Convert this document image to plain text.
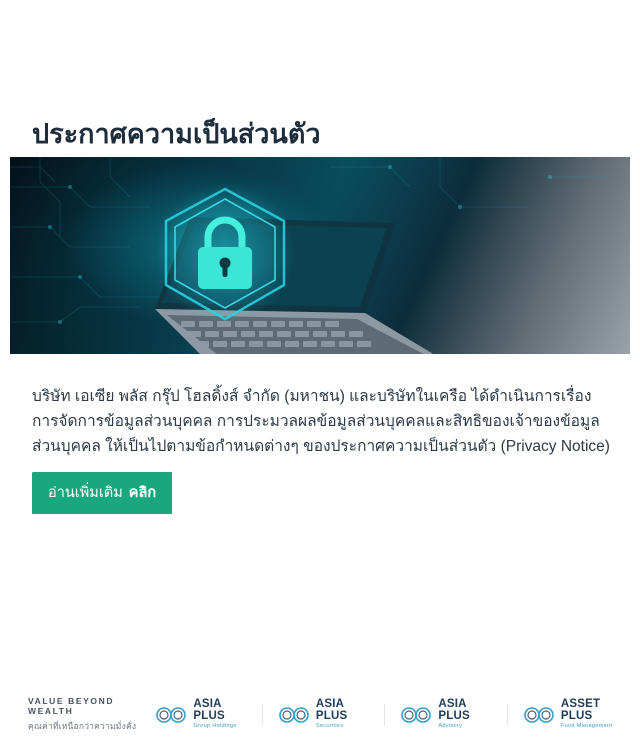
ประกาศความเป็นส่วนตัว

บริษัท เอเซีย พลัส กรุ๊ป โฮลดิ้งส์ จำกัด (มหาชน) และบริษัทในเครือ ได้ดำเนินการเรื่องการจัดการข้อมูลส่วนบุคคล การประมวลผลข้อมูลส่วนบุคคลและสิทธิของเจ้าของข้อมูลส่วนบุคคล ให้เป็นไปตามข้อกำหนดต่างๆ ของประกาศความเป็นส่วนตัว (Privacy Notice)

อ่านเพิ่มเติม คลิก
VALUE BEYOND WEALTH
คุณค่าที่เหนือกว่าความมั่งคั่ง
ASIA PLUS
Group Holdings
ASIA PLUS
Securities
ASIA PLUS
Advisory
ASSET PLUS
Fund Management
